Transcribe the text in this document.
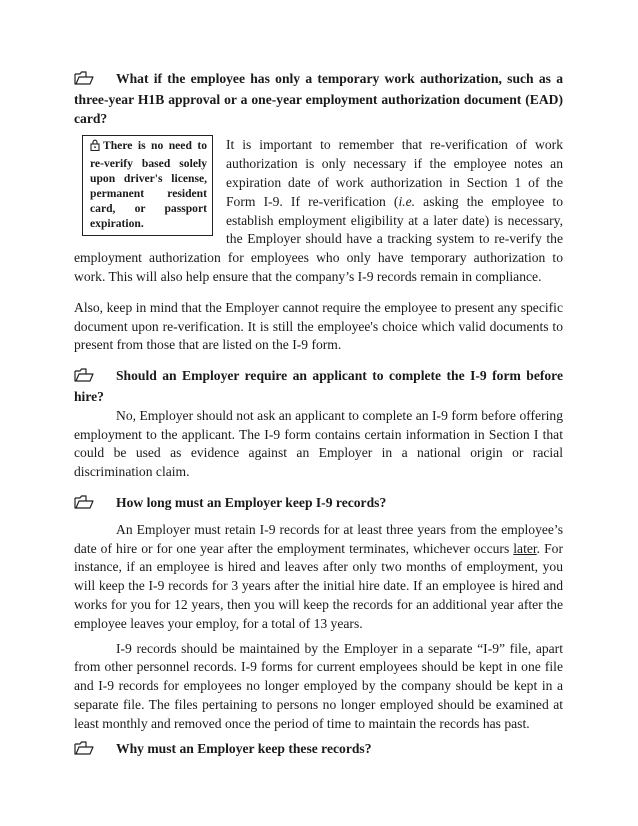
What if the employee has only a temporary work authorization, such as a three-year H1B approval or a one-year employment authorization document (EAD) card?

There is no need to re-verify based solely upon driver's license, permanent resident card, or passport expiration.

It is important to remember that re-verification of work authorization is only necessary if the employee notes an expiration date of work authorization in Section 1 of the Form I-9. If re-verification (i.e. asking the employee to establish employment eligibility at a later date) is necessary, the Employer should have a tracking system to re-verify the employment authorization for employees who only have temporary authorization to work. This will also help ensure that the company’s I-9 records remain in compliance.

Also, keep in mind that the Employer cannot require the employee to present any specific document upon re-verification. It is still the employee's choice which valid documents to present from those that are listed on the I-9 form.

Should an Employer require an applicant to complete the I-9 form before hire?

No, Employer should not ask an applicant to complete an I-9 form before offering employment to the applicant. The I-9 form contains certain information in Section I that could be used as evidence against an Employer in a national origin or racial discrimination claim.

How long must an Employer keep I-9 records?

An Employer must retain I-9 records for at least three years from the employee’s date of hire or for one year after the employment terminates, whichever occurs later. For instance, if an employee is hired and leaves after only two months of employment, you will keep the I-9 records for 3 years after the initial hire date. If an employee is hired and works for you for 12 years, then you will keep the records for an additional year after the employee leaves your employ, for a total of 13 years.

I-9 records should be maintained by the Employer in a separate “I-9” file, apart from other personnel records. I-9 forms for current employees should be kept in one file and I-9 records for employees no longer employed by the company should be kept in a separate file. The files pertaining to persons no longer employed should be examined at least monthly and removed once the period of time to maintain the records has past.

Why must an Employer keep these records?
